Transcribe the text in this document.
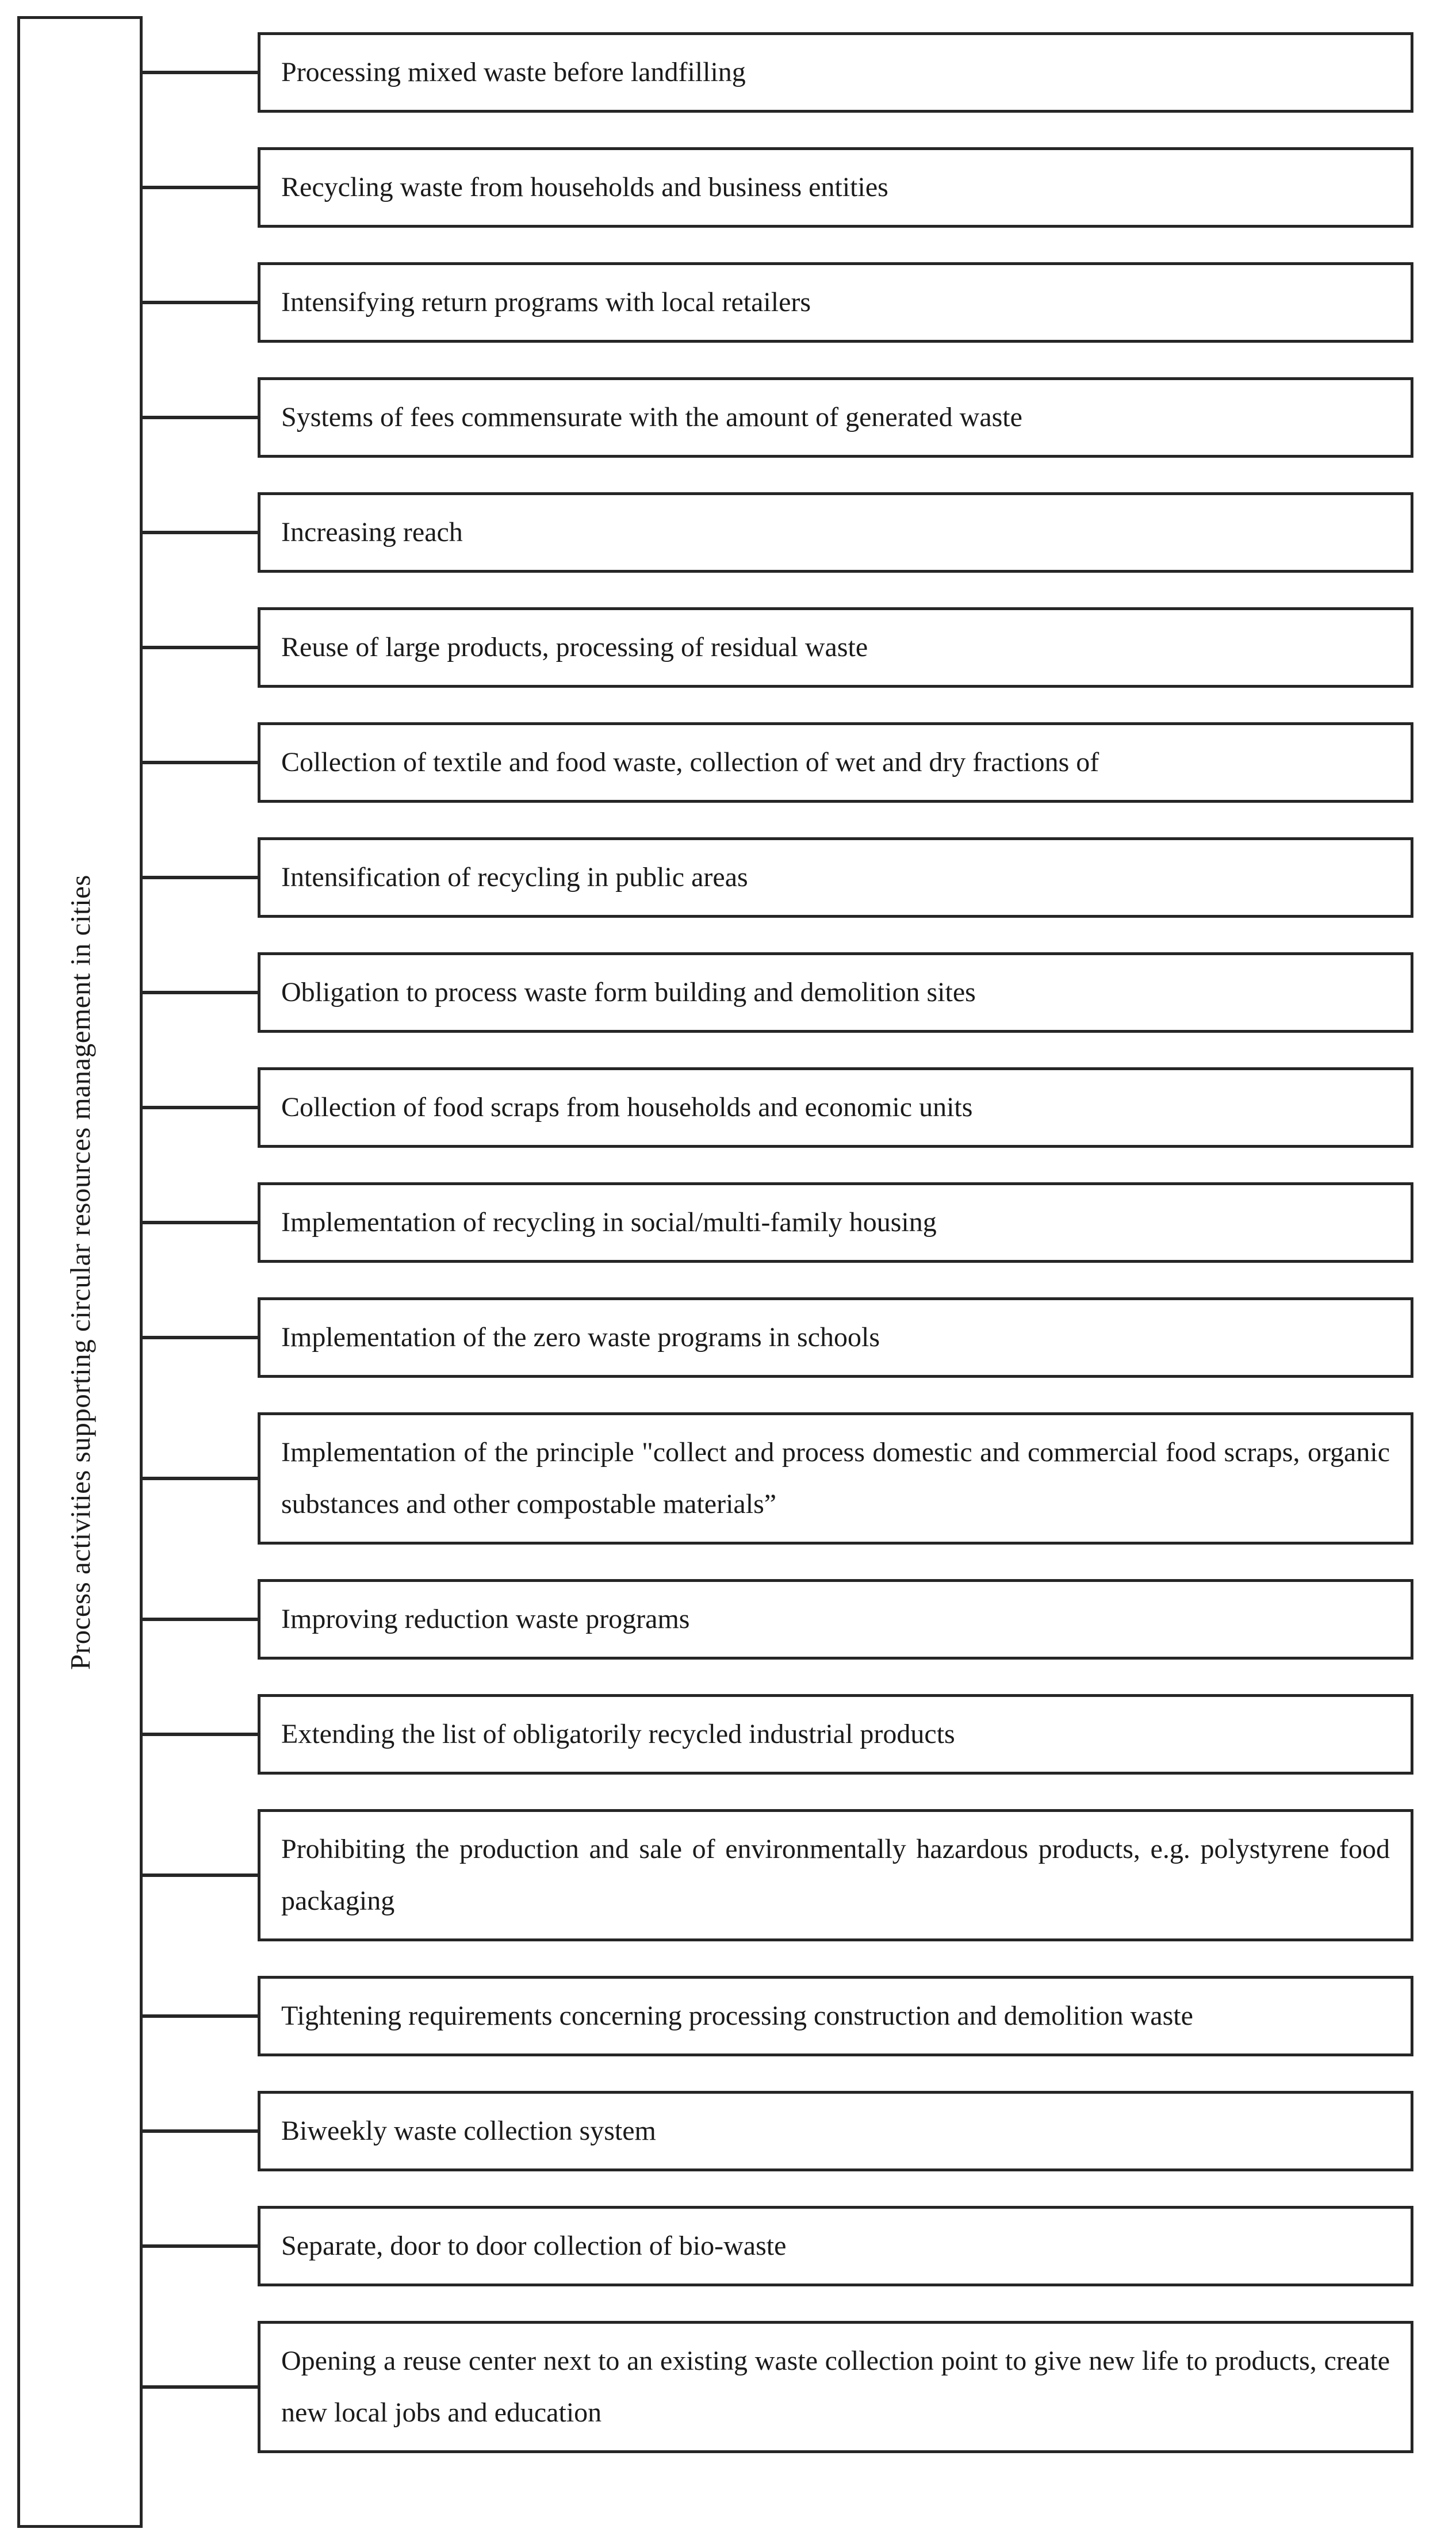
Process activities supporting circular resources management in cities
Processing mixed waste before landfilling
Recycling waste from households and business entities
Intensifying return programs with local retailers
Systems of fees commensurate with the amount of generated waste
Increasing reach
Reuse of large products, processing of residual waste
Collection of textile and food waste, collection of wet and dry fractions of
Intensification of recycling in public areas
Obligation to process waste form building and demolition sites
Collection of food scraps from households and economic units
Implementation of recycling in social/multi-family housing
Implementation of the zero waste programs in schools
Implementation of the principle "collect and process domestic and commercial food scraps, organic substances and other compostable materials”
Improving reduction waste programs
Extending the list of obligatorily recycled industrial products
Prohibiting the production and sale of environmentally hazardous products, e.g. polystyrene food packaging
Tightening requirements concerning processing construction and demolition waste
Biweekly waste collection system
Separate, door to door collection of bio-waste
Opening a reuse center next to an existing waste collection point to give new life to products, create new local jobs and education
